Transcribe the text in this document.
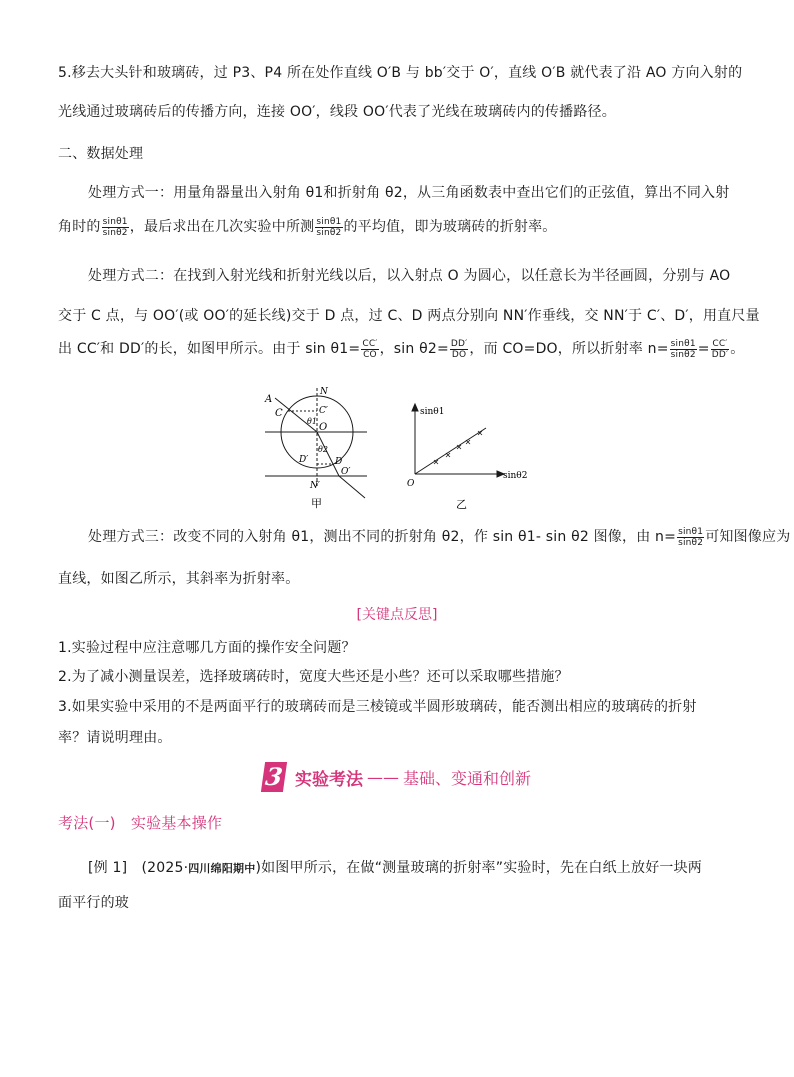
5.移去大头针和玻璃砖，过 P3、P4 所在处作直线 O′B 与 bb′交于 O′，直线 O′B 就代表了沿 AO 方向入射的
光线通过玻璃砖后的传播方向，连接 OO′，线段 OO′代表了光线在玻璃砖内的传播路径。
二、数据处理
处理方式一：用量角器量出入射角 θ1和折射角 θ2，从三角函数表中查出它们的正弦值，算出不同入射
角时的 $\frac{\sin\theta 1}{\sin\theta 2}$ ，最后求出在几次实验中所测 $\frac{\sin\theta 1}{\sin\theta 2}$ 的平均值，即为玻璃砖的折射率。
处理方式二：在找到入射光线和折射光线以后，以入射点 O 为圆心，以任意长为半径画圆，分别与 AO
交于 C 点，与 OO′(或 OO′的延长线)交于 D 点，过 C、D 两点分别向 NN′作垂线，交 NN′于 C′、D′，用直尺量
出 CC′和 DD′的长，如图甲所示。由于 $\sin \theta 1= \frac{CC'}{CO}$ ，$\sin \theta 2= \frac{DD'}{DO}$ ，而 CO=DO，所以折射率 $n= \frac{\sin\theta 1}{\sin\theta 2} = \frac{CC'}{DD'}$ 。
A
N
C	C′
θ1
O
D′
θ2
D
O′
N′
甲
sinθ1
sinθ2
O
乙
处理方式三：改变不同的入射角 θ1，测出不同的折射角 θ2，作 sin θ1- sin θ2 图像，由 $n= \frac{\sin\theta 1}{\sin\theta 2}$ 可知图像应为
直线，如图乙所示，其斜率为折射率。
[关键点反思]
1.实验过程中应注意哪几方面的操作安全问题？
2.为了减小测量误差，选择玻璃砖时，宽度大些还是小些？还可以采取哪些措施？
3.如果实验中采用的不是两面平行的玻璃砖而是三棱镜或半圆形玻璃砖，能否测出相应的玻璃砖的折射
率？请说明理由。
3 实验考法 —— 基础、变通和创新
考法(一)　实验基本操作
[例 1]　(2025·四川绵阳期中)如图甲所示，在做“测量玻璃的折射率”实验时，先在白纸上放好一块两
面平行的玻
